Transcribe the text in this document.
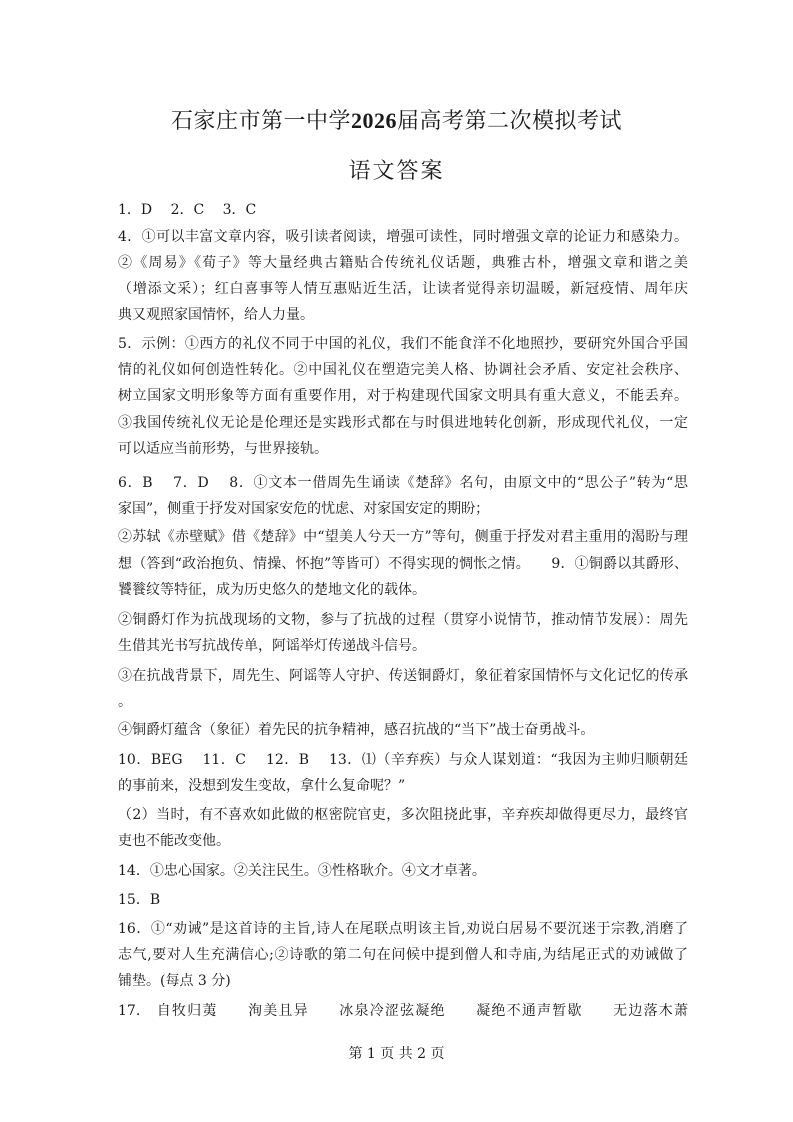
石家庄市第一中学2026届高考第二次模拟考试
语文答案
1．D　 2．C　 3．C
4．①可以丰富文章内容，吸引读者阅读，增强可读性，同时增强文章的论证力和感染力。
②《周易》《荀子》等大量经典古籍贴合传统礼仪话题，典雅古朴，增强文章和谐之美
（增添文采）；红白喜事等人情互惠贴近生活，让读者觉得亲切温暖，新冠疫情、周年庆
典又观照家国情怀，给人力量。
5．示例：①西方的礼仪不同于中国的礼仪，我们不能食洋不化地照抄，要研究外国合乎国
情的礼仪如何创造性转化。②中国礼仪在塑造完美人格、协调社会矛盾、安定社会秩序、
树立国家文明形象等方面有重要作用，对于构建现代国家文明具有重大意义，不能丢弃。
③我国传统礼仪无论是伦理还是实践形式都在与时俱进地转化创新，形成现代礼仪，一定
可以适应当前形势，与世界接轨。
6．B　 7．D　 8．①文本一借周先生诵读《楚辞》名句，由原文中的“思公子”转为“思
家国”，侧重于抒发对国家安危的忧虑、对家国安定的期盼；
②苏轼《赤壁赋》借《楚辞》中“望美人兮天一方”等句，侧重于抒发对君主重用的渴盼与理
想（答到“政治抱负、情操、怀抱”等皆可）不得实现的惆怅之情。　　9．①铜爵以其爵形、
饕餮纹等特征，成为历史悠久的楚地文化的载体。
②铜爵灯作为抗战现场的文物，参与了抗战的过程（贯穿小说情节，推动情节发展）：周先
生借其光书写抗战传单，阿谣举灯传递战斗信号。
③在抗战背景下，周先生、阿谣等人守护、传送铜爵灯，象征着家国情怀与文化记忆的传承
。
④铜爵灯蕴含（象征）着先民的抗争精神，感召抗战的“当下”战士奋勇战斗。
10．BEG　 11．C　 12．B　 13．⑴（辛弃疾）与众人谋划道：“我因为主帅归顺朝廷
的事前来，没想到发生变故，拿什么复命呢？”
（2）当时，有不喜欢如此做的枢密院官吏，多次阻挠此事，辛弃疾却做得更尽力，最终官
吏也不能改变他。
14．①忠心国家。②关注民生。③性格耿介。④文才卓著。
15．B
16．①“劝诫”是这首诗的主旨,诗人在尾联点明该主旨,劝说白居易不要沉迷于宗教,消磨了
志气,要对人生充满信心;②诗歌的第二句在问候中提到僧人和寺庙,为结尾正式的劝诫做了
铺垫。(每点 3 分)
17.　自牧归荑　　洵美且异　　冰泉冷涩弦凝绝　　凝绝不通声暂歇　　无边落木萧
第 1 页 共 2 页
